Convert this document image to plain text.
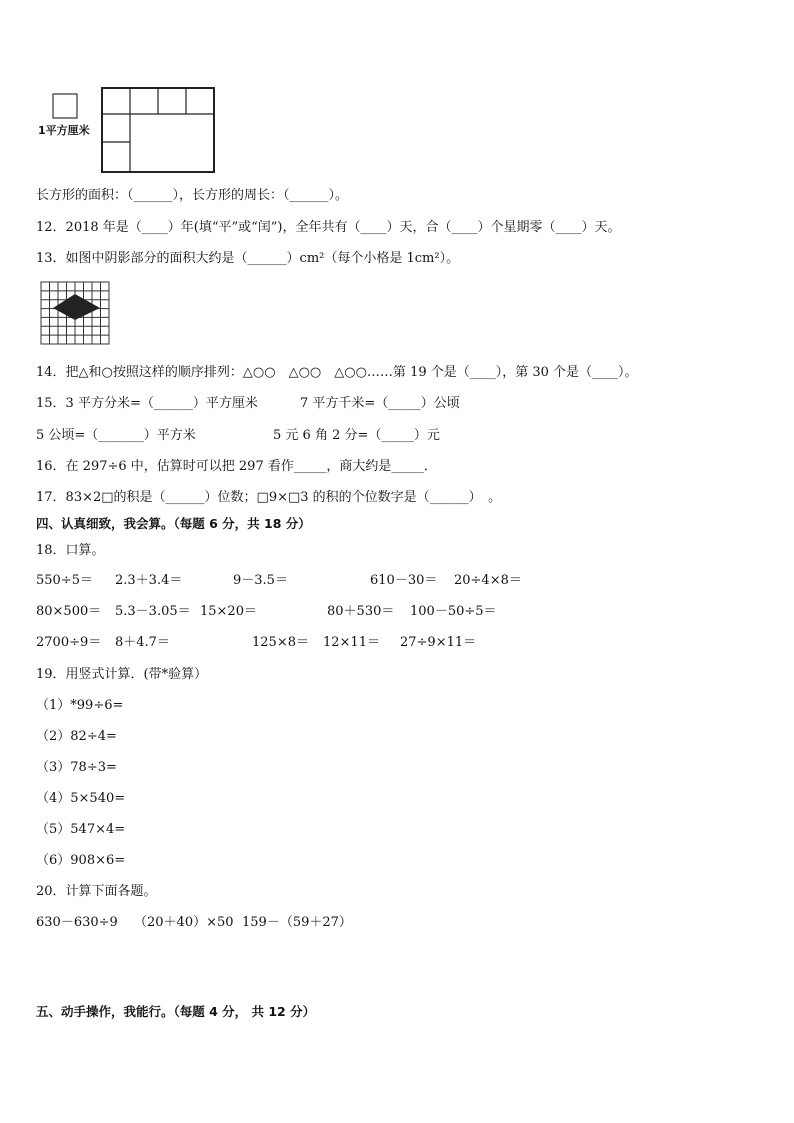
1平方厘米
长方形的面积：（______），长方形的周长：（______）。
12．2018 年是（____）年(填“平”或“闰”)，全年共有（____）天，合（____）个星期零（____）天。
13．如图中阴影部分的面积大约是（______）cm²（每个小格是 1cm²）。
14．把△和○按照这样的顺序排列：△○○　△○○　△○○……第 19 个是（____），第 30 个是（____）。
15．3 平方分米=（______）平方厘米	7 平方千米=（_____）公顷
5 公顷=（_______）平方米	5 元 6 角 2 分=（_____）元
16．在 297÷6 中，估算时可以把 297 看作_____，商大约是_____．
17．83×2□的积是（______）位数；□9×□3 的积的个位数字是（______）　。
四、认真细致，我会算。（每题 6 分，共 18 分）
18．口算。
550÷5＝ 2.3＋3.4＝	9－3.5＝	610－30＝ 20÷4×8＝
80×500＝ 5.3－3.05＝ 15×20＝	80＋530＝ 100－50÷5＝
2700÷9＝ 8＋4.7＝	125×8＝ 12×11＝ 27÷9×11＝
19．用竖式计算．(带*验算）
（1）*99÷6=
（2）82÷4=
（3）78÷3=
（4）5×540=
（5）547×4=
（6）908×6=
20．计算下面各题。
630－630÷9 （20＋40）×50 159－（59＋27）
五、动手操作，我能行。（每题 4 分， 共 12 分）
